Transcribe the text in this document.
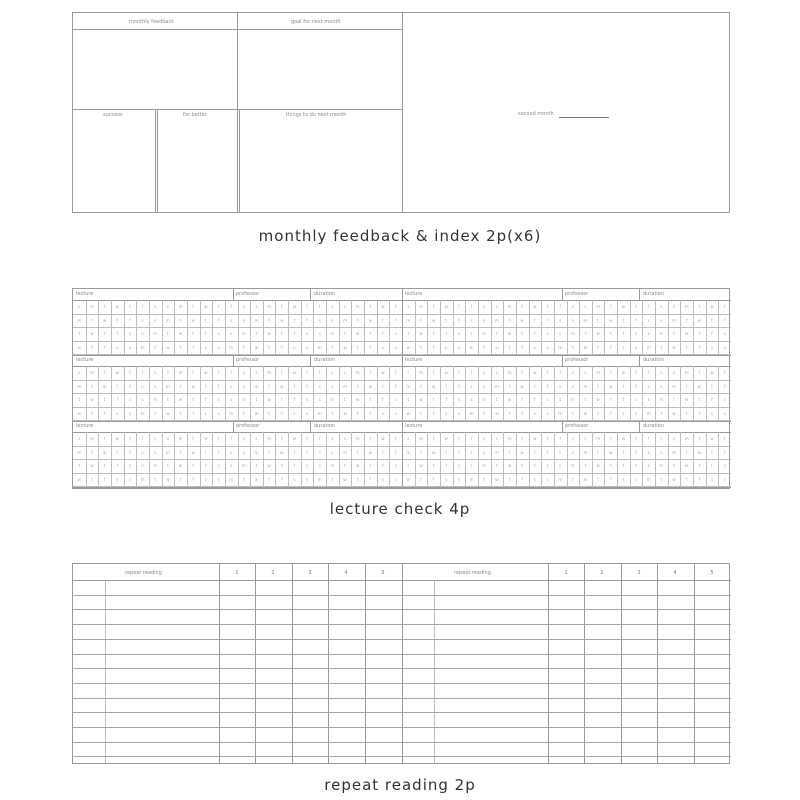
monthly feedback	goal for next month
success	for better	things to do next month	second month
monthly feedback & index 2p(x6)
lecture	professor	duration
s	m	t	w	t	f	s	s	m	t	w	t	f	s	s	m	t	w	t	f	s	s	m	t	w	t
m	t	w	t	f	s	s	m	t	w	t	f	s	s	m	t	w	t	f	s	s	m	t	w	t	f
t	w	t	f	s	s	m	t	w	t	f	s	s	m	t	w	t	f	s	s	m	t	w	t	f	s
w	t	f	s	s	m	t	w	t	f	s	s	m	t	w	t	f	s	s	m	t	w	t	f	s	s
lecture	professor	duration
s	m	t	w	t	f	s	s	m	t	w	t	f	s	s	m	t	w	t	f	s	s	m	t	w	t
m	t	w	t	f	s	s	m	t	w	t	f	s	s	m	t	w	t	f	s	s	m	t	w	t	f
t	w	t	f	s	s	m	t	w	t	f	s	s	m	t	w	t	f	s	s	m	t	w	t	f	s
w	t	f	s	s	m	t	w	t	f	s	s	m	t	w	t	f	s	s	m	t	w	t	f	s	s
lecture	professor	duration
s	m	t	w	t	f	s	s	m	t	w	t	f	s	s	m	t	w	t	f	s	s	m	t	w	t
m	t	w	t	f	s	s	m	t	w	t	f	s	s	m	t	w	t	f	s	s	m	t	w	t	f
t	w	t	f	s	s	m	t	w	t	f	s	s	m	t	w	t	f	s	s	m	t	w	t	f	s
w	t	f	s	s	m	t	w	t	f	s	s	m	t	w	t	f	s	s	m	t	w	t	f	s	s
lecture	professor	duration
s	m	t	w	t	f	s	s	m	t	w	t	f	s	s	m	t	w	t	f	s	s	m	t	w	t
m	t	w	t	f	s	s	m	t	w	t	f	s	s	m	t	w	t	f	s	s	m	t	w	t	f
t	w	t	f	s	s	m	t	w	t	f	s	s	m	t	w	t	f	s	s	m	t	w	t	f	s
w	t	f	s	s	m	t	w	t	f	s	s	m	t	w	t	f	s	s	m	t	w	t	f	s	s
lecture	professor	duration
s	m	t	w	t	f	s	s	m	t	w	t	f	s	s	m	t	w	t	f	s	s	m	t	w	t
m	t	w	t	f	s	s	m	t	w	t	f	s	s	m	t	w	t	f	s	s	m	t	w	t	f
t	w	t	f	s	s	m	t	w	t	f	s	s	m	t	w	t	f	s	s	m	t	w	t	f	s
w	t	f	s	s	m	t	w	t	f	s	s	m	t	w	t	f	s	s	m	t	w	t	f	s	s
lecture	professor	duration
s	m	t	w	t	f	s	s	m	t	w	t	f	s	s	m	t	w	t	f	s	s	m	t	w	t
m	t	w	t	f	s	s	m	t	w	t	f	s	s	m	t	w	t	f	s	s	m	t	w	t	f
t	w	t	f	s	s	m	t	w	t	f	s	s	m	t	w	t	f	s	s	m	t	w	t	f	s
w	t	f	s	s	m	t	w	t	f	s	s	m	t	w	t	f	s	s	m	t	w	t	f	s	s
lecture check 4p
repeat reading	1	2	3	4	5	repeat reading	1	2	3	4	5
repeat reading 2p
